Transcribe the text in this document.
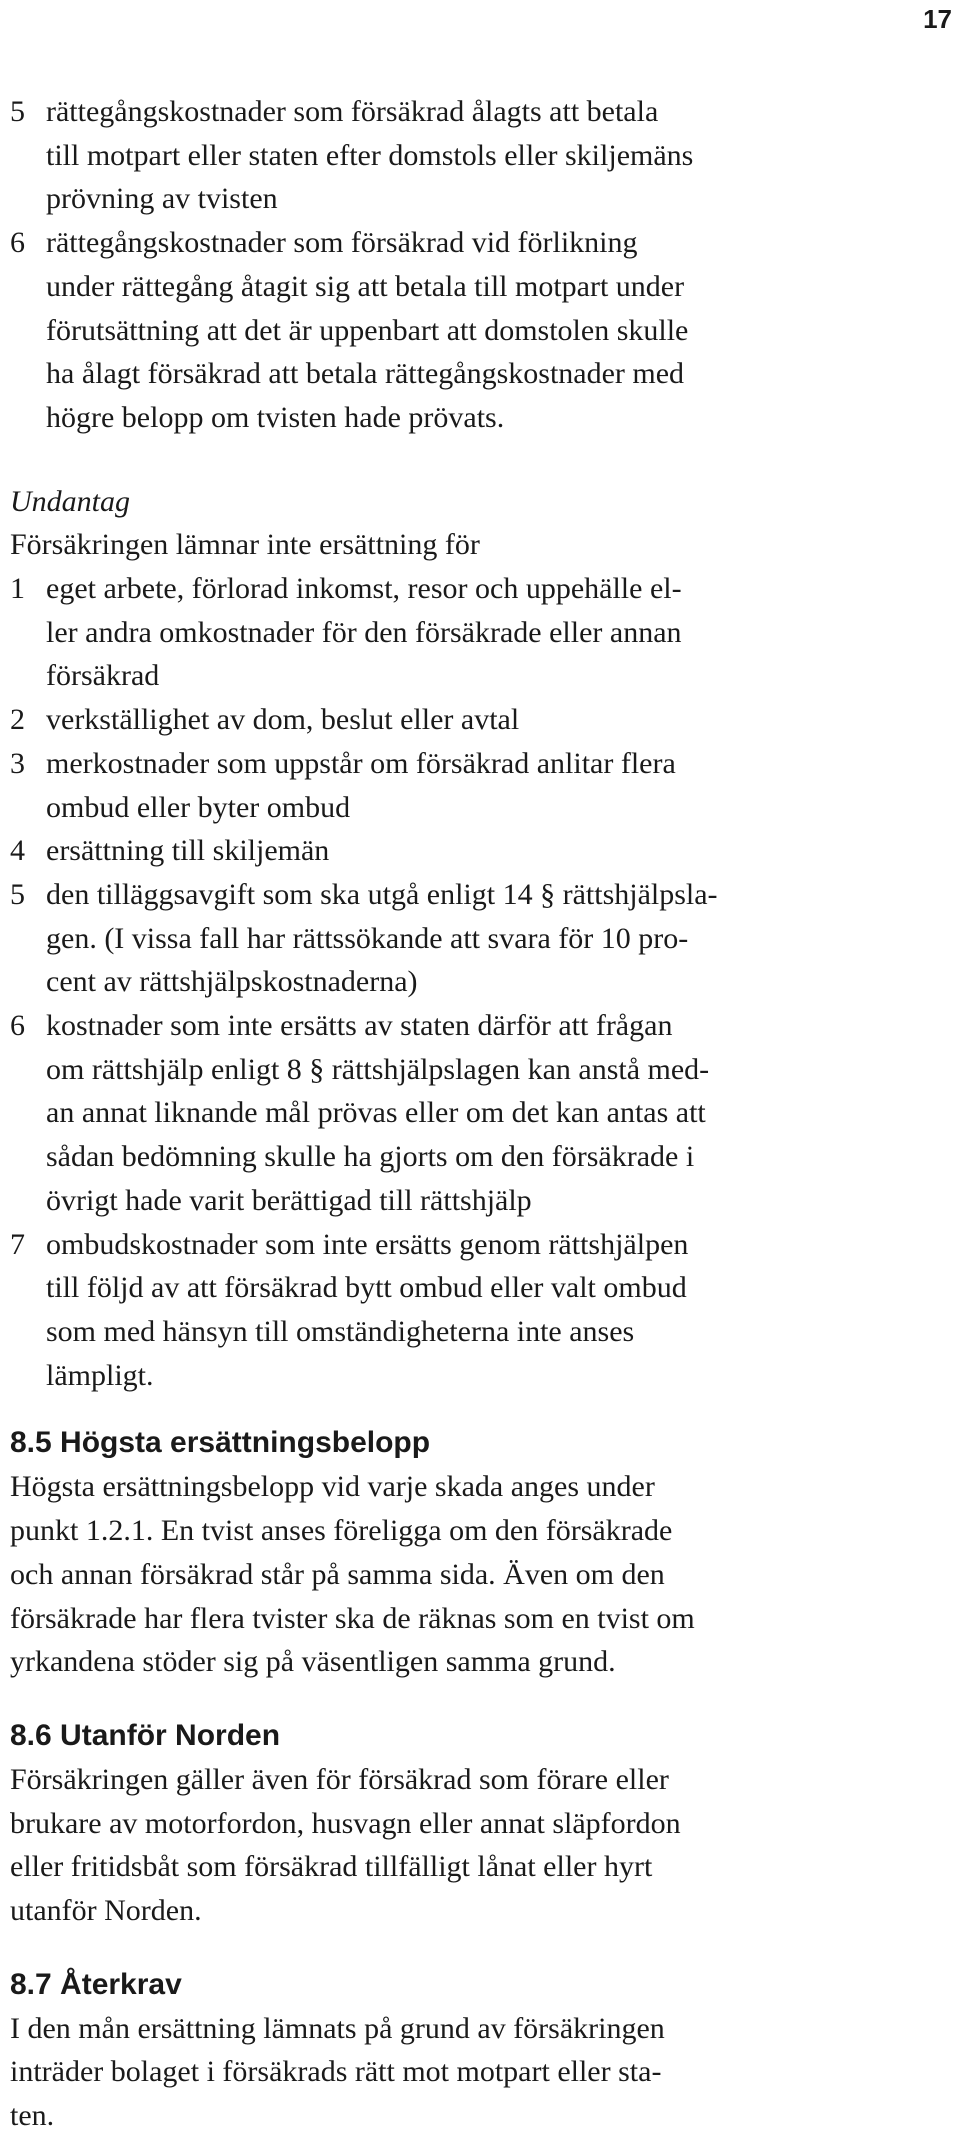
17
5 rättegångskostnader som försäkrad ålagts att betala
till motpart eller staten efter domstols eller skiljemäns
prövning av tvisten
6 rättegångskostnader som försäkrad vid förlikning
under rättegång åtagit sig att betala till motpart under
förutsättning att det är uppenbart att domstolen skulle
ha ålagt försäkrad att betala rättegångskostnader med
högre belopp om tvisten hade prövats.
Undantag
Försäkringen lämnar inte ersättning för
1 eget arbete, förlorad inkomst, resor och uppehälle el-
ler andra omkostnader för den försäkrade eller annan
försäkrad
2 verkställighet av dom, beslut eller avtal
3 merkostnader som uppstår om försäkrad anlitar flera
ombud eller byter ombud
4 ersättning till skiljemän
5 den tilläggsavgift som ska utgå enligt 14 § rättshjälpsla-
gen. (I vissa fall har rättssökande att svara för 10 pro-
cent av rättshjälpskostnaderna)
6 kostnader som inte ersätts av staten därför att frågan
om rättshjälp enligt 8 § rättshjälpslagen kan anstå med-
an annat liknande mål prövas eller om det kan antas att
sådan bedömning skulle ha gjorts om den försäkrade i
övrigt hade varit berättigad till rättshjälp
7 ombudskostnader som inte ersätts genom rättshjälpen
till följd av att försäkrad bytt ombud eller valt ombud
som med hänsyn till omständigheterna inte anses
lämpligt.
8.5 Högsta ersättningsbelopp
Högsta ersättningsbelopp vid varje skada anges under
punkt 1.2.1. En tvist anses föreligga om den försäkrade
och annan försäkrad står på samma sida. Även om den
försäkrade har flera tvister ska de räknas som en tvist om
yrkandena stöder sig på väsentligen samma grund.
8.6 Utanför Norden
Försäkringen gäller även för försäkrad som förare eller
brukare av motorfordon, husvagn eller annat släpfordon
eller fritidsbåt som försäkrad tillfälligt lånat eller hyrt
utanför Norden.
8.7 Återkrav
I den mån ersättning lämnats på grund av försäkringen
inträder bolaget i försäkrads rätt mot motpart eller sta-
ten.
